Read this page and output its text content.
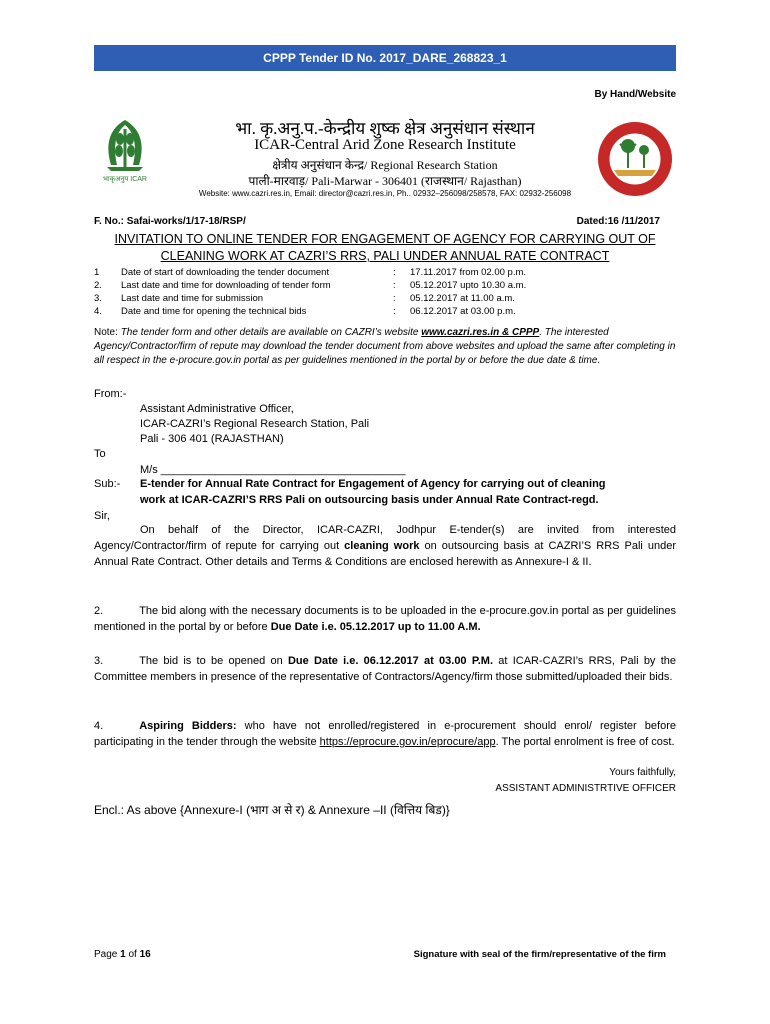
CPPP Tender ID No. 2017_DARE_268823_1
By Hand/Website
भाकृअनुप ICAR
भा. कृ.अनु.प.-केन्द्रीय शुष्क क्षेत्र अनुसंधान संस्थान
ICAR-Central Arid Zone Research Institute
क्षेत्रीय अनुसंधान केन्द्र/ Regional Research Station
पाली-मारवाड़/ Pali-Marwar - 306401 (राजस्थान/ Rajasthan)
Website: www.cazri.res.in, Email: director@cazri.res.in, Ph.. 02932–256098/258578, FAX: 02932-256098
F. No.: Safai-works/1/17-18/RSP/	Dated:16 /11/2017
INVITATION TO ONLINE TENDER FOR ENGAGEMENT OF AGENCY FOR CARRYING OUT OF
CLEANING WORK AT CAZRI’S RRS, PALI UNDER ANNUAL RATE CONTRACT
1 Date of start of downloading the tender document	: 17.11.2017 from 02.00 p.m.
2. Last date and time for downloading of tender form	: 05.12.2017 upto 10.30 a.m.
3. Last date and time for submission	: 05.12.2017 at 11.00 a.m.
4. Date and time for opening the technical bids	: 06.12.2017 at 03.00 p.m.
Note: The tender form and other details are available on CAZRI’s website www.cazri.res.in & CPPP. The interested Agency/Contractor/firm of repute may download the tender document from above websites and upload the same after completing in all respect in the e-procure.gov.in portal as per guidelines mentioned in the portal by or before the due date & time.
From:-
Assistant Administrative Officer,
ICAR-CAZRI’s Regional Research Station, Pali
Pali - 306 401 (RAJASTHAN)
To
M/s ________________________________________
Sub:- E-tender for Annual Rate Contract for Engagement of Agency for carrying out of cleaning
work at ICAR-CAZRI’S RRS Pali on outsourcing basis under Annual Rate Contract-regd.
Sir,
On behalf of the Director, ICAR-CAZRI, Jodhpur E-tender(s) are invited from interested Agency/Contractor/firm of repute for carrying out cleaning work on outsourcing basis at CAZRI’S RRS Pali under Annual Rate Contract. Other details and Terms & Conditions are enclosed herewith as Annexure-I & II.
2.	The bid along with the necessary documents is to be uploaded in the e-procure.gov.in portal as per guidelines mentioned in the portal by or before Due Date i.e. 05.12.2017 up to 11.00 A.M.
3.	The bid is to be opened on Due Date i.e. 06.12.2017 at 03.00 P.M. at ICAR-CAZRI’s RRS, Pali by the Committee members in presence of the representative of Contractors/Agency/firm those submitted/uploaded their bids.
4.	Aspiring Bidders: who have not enrolled/registered in e-procurement should enrol/ register before participating in the tender through the website https://eprocure.gov.in/eprocure/app. The portal enrolment is free of cost.
Yours faithfully,
ASSISTANT ADMINISTRTIVE OFFICER
Encl.: As above {Annexure-I (भाग अ से र) & Annexure –II (वित्तिय बिड)}
Page 1 of 16	Signature with seal of the firm/representative of the firm
